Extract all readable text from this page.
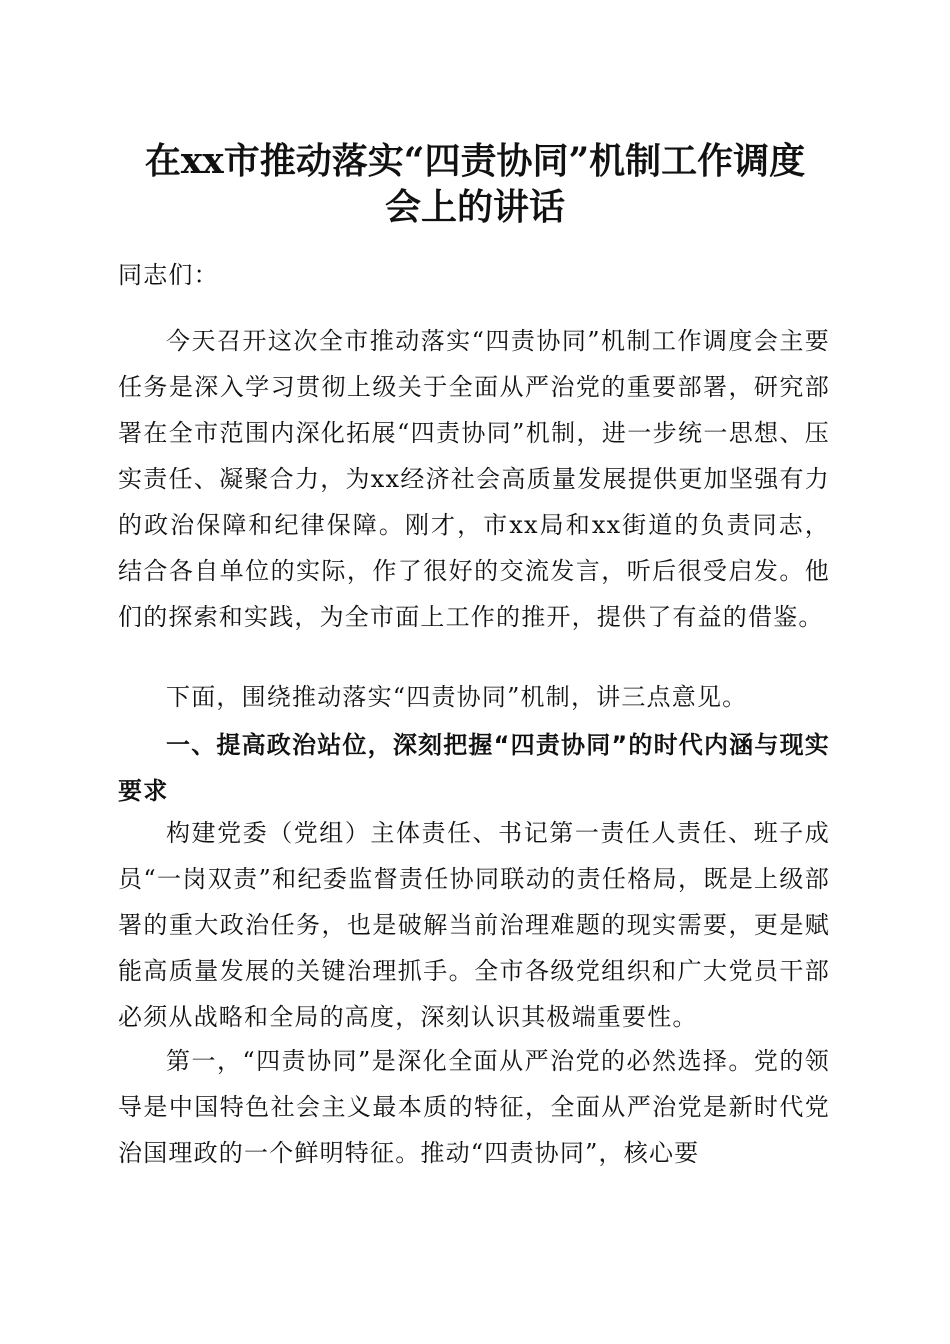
在xx市推动落实“四责协同”机制工作调度
会上的讲话

同志们：

今天召开这次全市推动落实“四责协同”机制工作调度会主要任务是深入学习贯彻上级关于全面从严治党的重要部署，研究部署在全市范围内深化拓展“四责协同”机制，进一步统一思想、压实责任、凝聚合力，为xx经济社会高质量发展提供更加坚强有力的政治保障和纪律保障。刚才，市xx局和xx街道的负责同志，结合各自单位的实际，作了很好的交流发言，听后很受启发。他们的探索和实践，为全市面上工作的推开，提供了有益的借鉴。

下面，围绕推动落实“四责协同”机制，讲三点意见。

一、提高政治站位，深刻把握“四责协同”的时代内涵与现实要求

构建党委（党组）主体责任、书记第一责任人责任、班子成员“一岗双责”和纪委监督责任协同联动的责任格局，既是上级部署的重大政治任务，也是破解当前治理难题的现实需要，更是赋能高质量发展的关键治理抓手。全市各级党组织和广大党员干部必须从战略和全局的高度，深刻认识其极端重要性。

第一，“四责协同”是深化全面从严治党的必然选择。党的领导是中国特色社会主义最本质的特征，全面从严治党是新时代党治国理政的一个鲜明特征。推动“四责协同”，核心要
